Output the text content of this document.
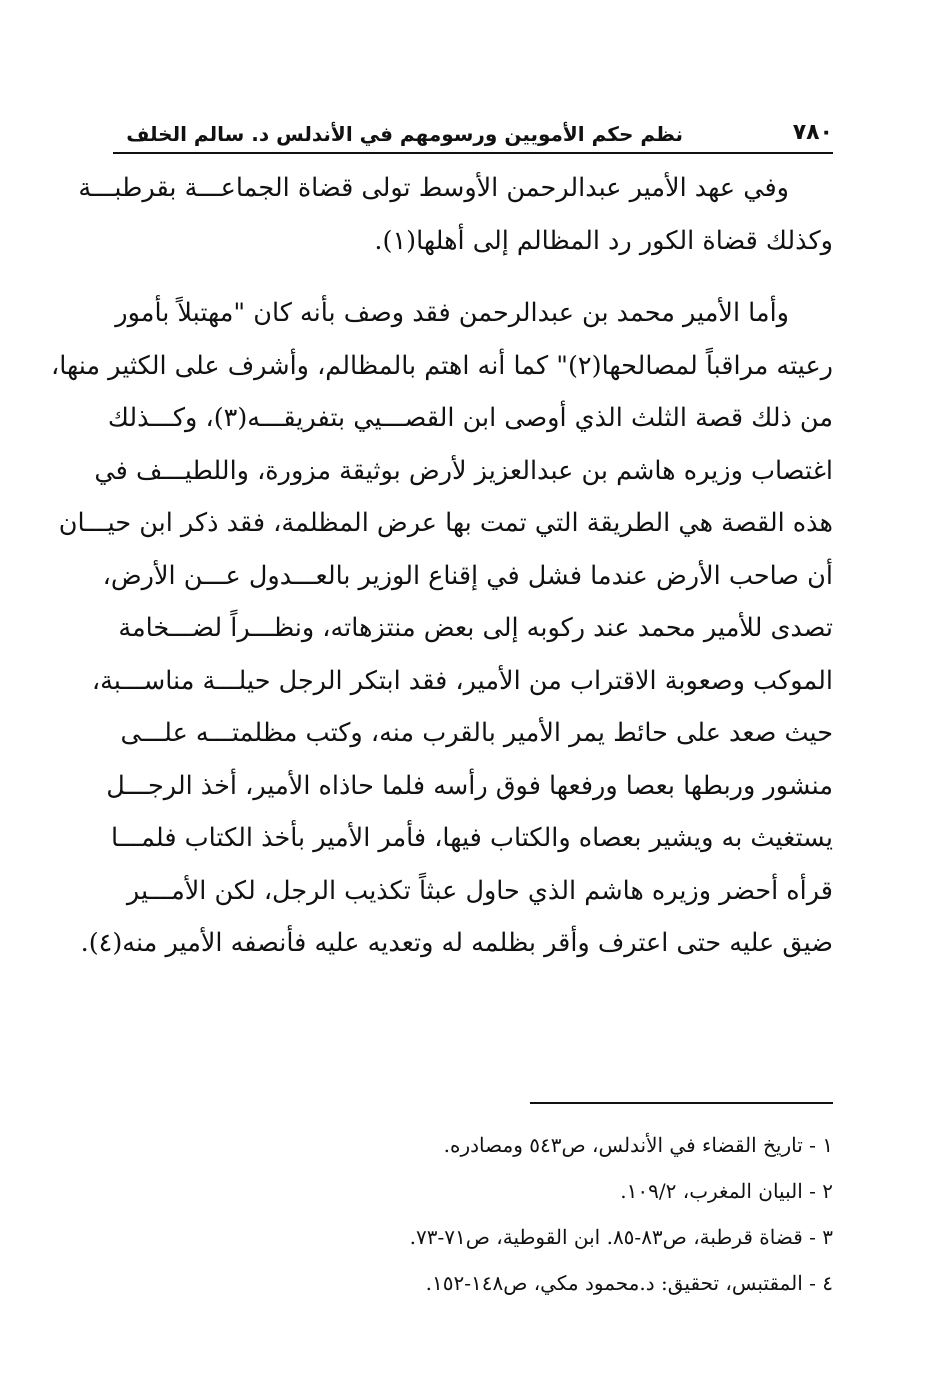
٧٨٠
نظم حكم الأمويين ورسومهم في الأندلس د. سالم الخلف
وفي عهد الأمير عبدالرحمن الأوسط تولى قضاة الجماعـــة بقرطبـــة
وكذلك قضاة الكور رد المظالم إلى أهلها(١).
وأما الأمير محمد بن عبدالرحمن فقد وصف بأنه كان "مهتبلاً بأمور
رعيته مراقباً لمصالحها(٢)" كما أنه اهتم بالمظالم، وأشرف على الكثير منها،
من ذلك قصة الثلث الذي أوصى ابن القصـــيي بتفريقـــه(٣)، وكـــذلك
اغتصاب وزيره هاشم بن عبدالعزيز لأرض بوثيقة مزورة، واللطيـــف في
هذه القصة هي الطريقة التي تمت بها عرض المظلمة، فقد ذكر ابن حيـــان
أن صاحب الأرض عندما فشل في إقناع الوزير بالعـــدول عـــن الأرض،
تصدى للأمير محمد عند ركوبه إلى بعض منتزهاته، ونظـــراً لضـــخامة
الموكب وصعوبة الاقتراب من الأمير، فقد ابتكر الرجل حيلـــة مناســـبة،
حيث صعد على حائط يمر الأمير بالقرب منه، وكتب مظلمتـــه علـــى
منشور وربطها بعصا ورفعها فوق رأسه فلما حاذاه الأمير، أخذ الرجـــل
يستغيث به ويشير بعصاه والكتاب فيها، فأمر الأمير بأخذ الكتاب فلمـــا
قرأه أحضر وزيره هاشم الذي حاول عبثاً تكذيب الرجل، لكن الأمـــير
ضيق عليه حتى اعترف وأقر بظلمه له وتعديه عليه فأنصفه الأمير منه(٤).
١ - تاريخ القضاء في الأندلس، ص٥٤٣ ومصادره.
٢ - البيان المغرب، ١٠٩/٢.
٣ - قضاة قرطبة، ص٨٣-٨٥. ابن القوطية، ص٧١-٧٣.
٤ - المقتبس، تحقيق: د.محمود مكي، ص١٤٨-١٥٢.
